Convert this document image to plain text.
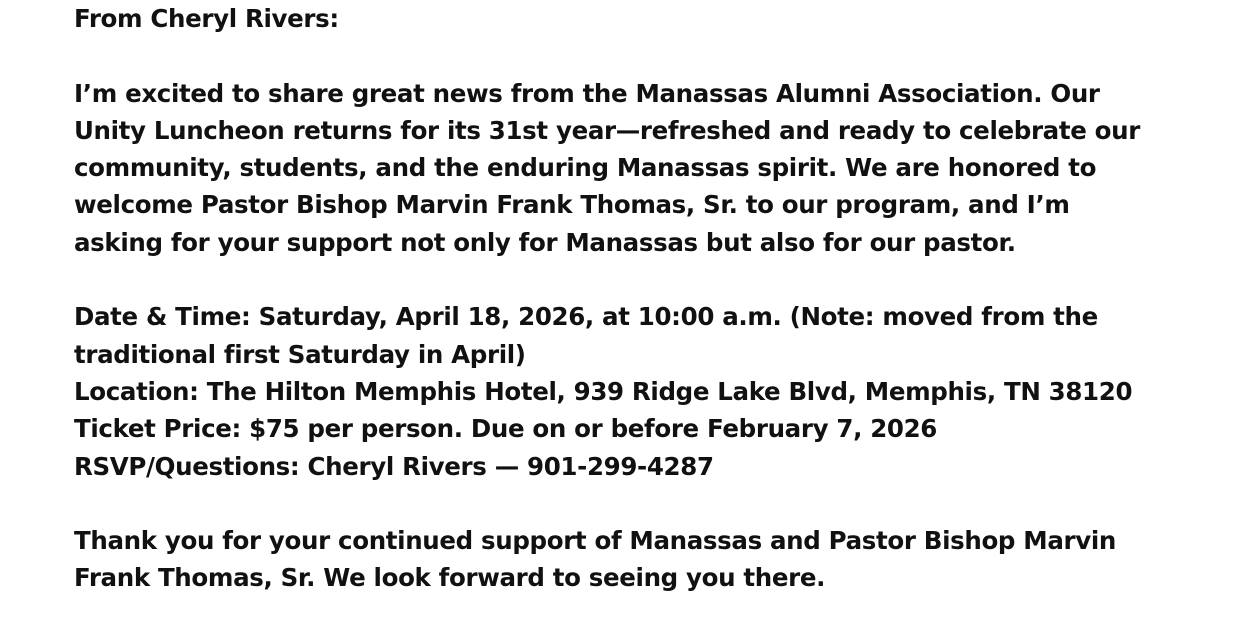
From Cheryl Rivers:
I’m excited to share great news from the Manassas Alumni Association. Our
Unity Luncheon returns for its 31st year—refreshed and ready to celebrate our
community, students, and the enduring Manassas spirit. We are honored to
welcome Pastor Bishop Marvin Frank Thomas, Sr. to our program, and I’m
asking for your support not only for Manassas but also for our pastor.
Date & Time: Saturday, April 18, 2026, at 10:00 a.m. (Note: moved from the
traditional first Saturday in April)
Location: The Hilton Memphis Hotel, 939 Ridge Lake Blvd, Memphis, TN 38120
Ticket Price: $75 per person. Due on or before February 7, 2026
RSVP/Questions: Cheryl Rivers — 901-299-4287
Thank you for your continued support of Manassas and Pastor Bishop Marvin
Frank Thomas, Sr. We look forward to seeing you there.
